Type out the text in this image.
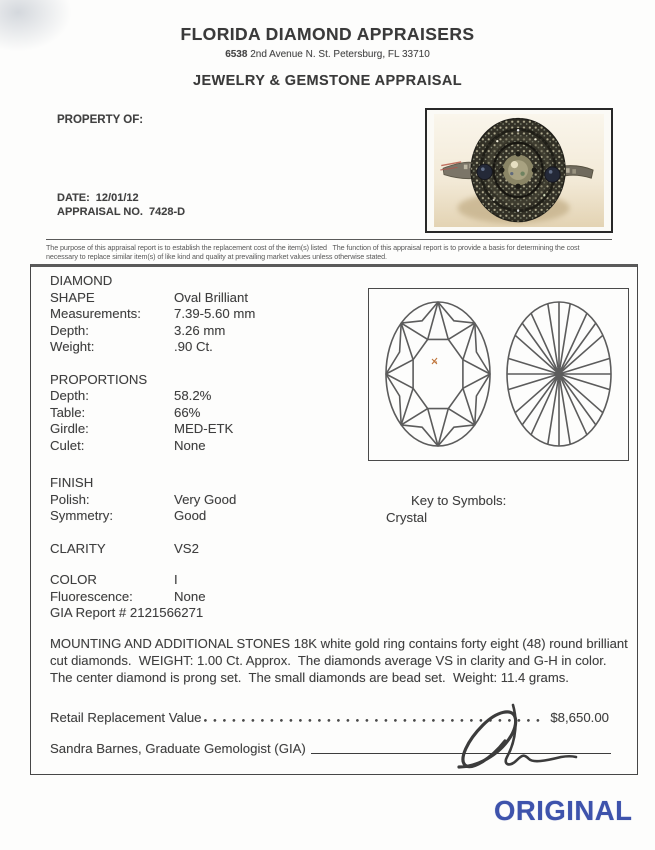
FLORIDA DIAMOND APPRAISERS
6538 2nd Avenue N. St. Petersburg, FL 33710
JEWELRY & GEMSTONE APPRAISAL
PROPERTY OF:
DATE: 12/01/12
APPRAISAL NO. 7428-D
The purpose of this appraisal report is to establish the replacement cost of the item(s) listed   The function of this appraisal report is to provide a basis for determining the cost necessary to replace similar item(s) of like kind and quality at prevailing market values unless otherwise stated.
DIAMOND
SHAPE	Oval Brilliant
Measurements:	7.39-5.60 mm
Depth:	3.26 mm
Weight:	.90 Ct.
PROPORTIONS
Depth:	58.2%
Table:	66%
Girdle:	MED-ETK
Culet:	None
FINISH
Polish:	Very Good
Symmetry:	Good
CLARITY	VS2
COLOR	I
Fluorescence:	None
GIA Report # 2121566271
MOUNTING AND ADDITIONAL STONES 18K white gold ring contains forty eight (48) round brilliant cut diamonds.  WEIGHT: 1.00 Ct. Approx.  The diamonds average VS in clarity and G-H in color.  The center diamond is prong set.  The small diamonds are bead set.  Weight: 11.4 grams.
Retail Replacement Value	$8,650.00
Sandra Barnes, Graduate Gemologist (GIA)
Key to Symbols:
Crystal
ORIGINAL
